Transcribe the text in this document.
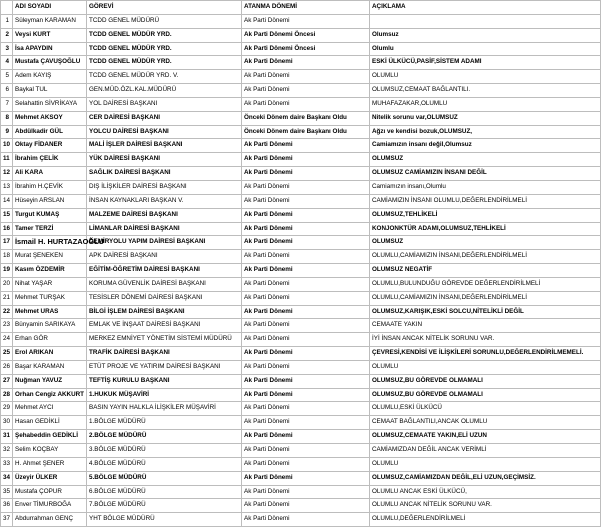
	ADI SOYADI	GÖREVİ	ATANMA DÖNEMİ	AÇIKLAMA
1	Süleyman KARAMAN	TCDD GENEL MÜDÜRÜ	Ak Parti Dönemi	
2	Veysi KURT	TCDD GENEL MÜDÜR YRD.	Ak Parti Dönemi Öncesi	Olumsuz
3	İsa APAYDIN	TCDD GENEL MÜDÜR YRD.	Ak Parti Dönemi Öncesi	Olumlu
4	Mustafa ÇAVUŞOĞLU	TCDD GENEL MÜDÜR YRD.	Ak Parti Dönemi	ESKİ ÜLKÜCÜ,PASİF,SİSTEM ADAMI
5	Adem KAYIŞ	TCDD GENEL MÜDÜR YRD. V.	Ak Parti Dönemi	OLUMLU
6	Baykal TUL	GEN.MÜD.ÖZL.KAL.MÜDÜRÜ	Ak Parti Dönemi	OLUMSUZ,CEMAAT BAĞLANTILI.
7	Selahattin SİVRİKAYA	YOL DAİRESİ BAŞKANI	Ak Parti Dönemi	MUHAFAZAKAR,OLUMLU
8	Mehmet AKSOY	CER DAİRESİ BAŞKANI	Önceki Dönem daire Başkanı Oldu	Nitelik sorunu var,OLUMSUZ
9	Abdülkadir GÜL	YOLCU DAİRESİ BAŞKANI	Önceki Dönem daire Başkanı Oldu	Ağzı ve kendisi bozuk,OLUMSUZ,
10	Oktay FİDANER	MALİ İŞLER DAİRESİ BAŞKANI	Ak Parti Dönemi	Camiamızın insanı değil,Olumsuz
11	İbrahim ÇELİK	YÜK DAİRESİ BAŞKANI	Ak Parti Dönemi	OLUMSUZ
12	Ali KARA	SAĞLIK DAİRESİ BAŞKANI	Ak Parti Dönemi	OLUMSUZ CAMİAMIZIN İNSANI DEĞİL
13	İbrahim H.ÇEVİK	DIŞ İLİŞKİLER DAİRESİ BAŞKANI	Ak Parti Dönemi	Camiamızın insanı,Olumlu
14	Hüseyin ARSLAN	İNSAN KAYNAKLARI BAŞKAN V.	Ak Parti Dönemi	CAMİAMIZIN İNSANI OLUMLU,DEĞERLENDİRİLMELİ
15	Turgut KUMAŞ	MALZEME DAİRESİ BAŞKANI	Ak Parti Dönemi	OLUMSUZ,TEHLİKELİ
16	Tamer TERZİ	LİMANLAR DAİRESİ BAŞKANI	Ak Parti Dönemi	KONJONKTÜR ADAMI,OLUMSUZ,TEHLİKELİ
17	İsmail H. HURTAZAOĞLU	DEMİRYOLU YAPIM DAİRESİ BAŞKANI	Ak Parti Dönemi	OLUMSUZ
18	Murat ŞENEKEN	APK DAİRESİ BAŞKANI	Ak Parti Dönemi	OLUMLU,CAMİAMIZIN İNSANI,DEĞERLENDİRİLMELİ
19	Kasım ÖZDEMİR	EĞİTİM-ÖĞRETİM DAİRESİ BAŞKANI	Ak Parti Dönemi	OLUMSUZ NEGATİF
20	Nihat YAŞAR	KORUMA GÜVENLİK DAİRESİ BAŞKANI	Ak Parti Dönemi	OLUMLU,BULUNDUĞU GÖREVDE DEĞERLENDİRİLMELİ
21	Mehmet TURŞAK	TESİSLER DÖNEMİ DAİRESİ BAŞKANI	Ak Parti Dönemi	OLUMLU,CAMİAMIZIN İNSANI,DEĞERLENDİRİLMELİ
22	Mehmet URAS	BİLGİ İŞLEM DAİRESİ BAŞKANI	Ak Parti Dönemi	OLUMSUZ,KARIŞIK,ESKİ SOLCU,NİTELİKLİ DEĞİL
23	Bünyamin SARIKAYA	EMLAK VE İNŞAAT DAİRESİ BAŞKANI	Ak Parti Dönemi	CEMAATE YAKIN
24	Erhan GÖR	MERKEZ EMNİYET YÖNETİM SİSTEMİ MÜDÜRÜ	Ak Parti Dönemi	İYİ İNSAN ANCAK NİTELİK SORUNU VAR.
25	Erol ARIKAN	TRAFİK DAİRESİ BAŞKANI	Ak Parti Dönemi	ÇEVRESİ,KENDİSİ VE İLİŞKİLERİ SORUNLU,DEĞERLENDİRİLMEMELİ.
26	Başar KARAMAN	ETÜT PROJE VE YATIRIM DAİRESİ BAŞKANI	Ak Parti Dönemi	OLUMLU
27	Nuğman YAVUZ	TEFTİŞ KURULU BAŞKANI	Ak Parti Dönemi	OLUMSUZ,BU GÖREVDE OLMAMALI
28	Orhan Cengiz AKKURT	1.HUKUK MÜŞAVİRİ	Ak Parti Dönemi	OLUMSUZ,BU GÖREVDE OLMAMALI
29	Mehmet AYCI	BASIN YAYIN HALKLA İLİŞKİLER MÜŞAVİRİ	Ak Parti Dönemi	OLUMLU,ESKİ ÜLKÜCÜ
30	Hasan GEDİKLİ	1.BÖLGE MÜDÜRÜ	Ak Parti Dönemi	CEMAAT BAĞLANTILI,ANCAK OLUMLU
31	Şehabeddin GEDİKLİ	2.BÖLGE MÜDÜRÜ	Ak Parti Dönemi	OLUMSUZ,CEMAATE YAKIN,ELİ UZUN
32	Selim KOÇBAY	3.BÖLGE MÜDÜRÜ	Ak Parti Dönemi	CAMİAMIZDAN DEĞİL ANCAK VERİMLİ
33	H. Ahmet ŞENER	4.BÖLGE MÜDÜRÜ	Ak Parti Dönemi	OLUMLU
34	Üzeyir ÜLKER	5.BÖLGE MÜDÜRÜ	Ak Parti Dönemi	OLUMSUZ,CAMİAMIZDAN DEĞİL,ELİ UZUN,GEÇİMSİZ.
35	Mustafa ÇOPUR	6.BÖLGE MÜDÜRÜ	Ak Parti Dönemi	OLUMLU ANCAK ESKİ ÜLKÜCÜ,
36	Enver TİMURBOĞA	7.BÖLGE MÜDÜRÜ	Ak Parti Dönemi	OLUMLU ANCAK NİTELİK SORUNU VAR.
37	Abdurrahman GENÇ	YHT BÖLGE MÜDÜRÜ	Ak Parti Dönemi	OLUMLU,DEĞERLENDİRİLMELİ
